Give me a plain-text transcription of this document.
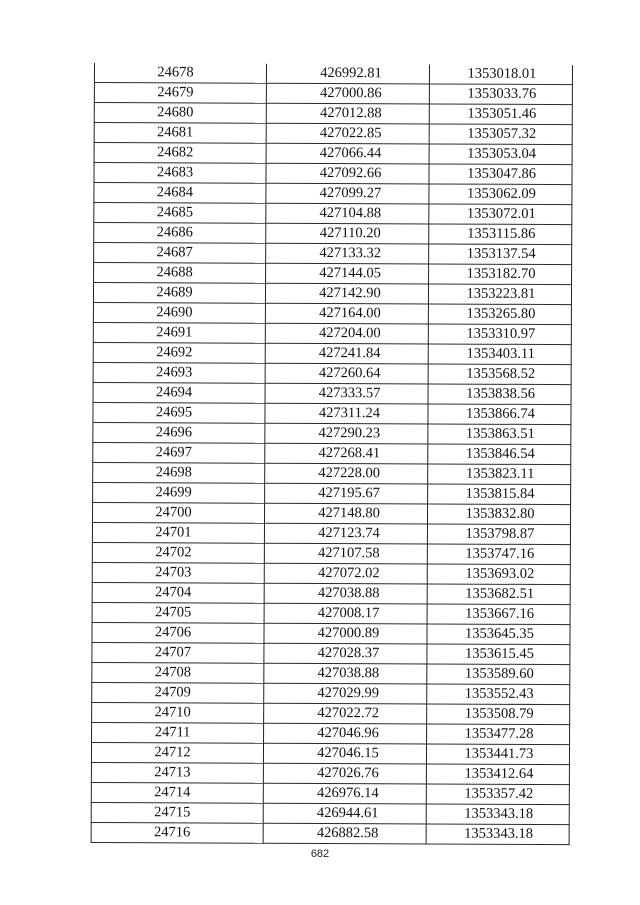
24678	426992.81	1353018.01
24679	427000.86	1353033.76
24680	427012.88	1353051.46
24681	427022.85	1353057.32
24682	427066.44	1353053.04
24683	427092.66	1353047.86
24684	427099.27	1353062.09
24685	427104.88	1353072.01
24686	427110.20	1353115.86
24687	427133.32	1353137.54
24688	427144.05	1353182.70
24689	427142.90	1353223.81
24690	427164.00	1353265.80
24691	427204.00	1353310.97
24692	427241.84	1353403.11
24693	427260.64	1353568.52
24694	427333.57	1353838.56
24695	427311.24	1353866.74
24696	427290.23	1353863.51
24697	427268.41	1353846.54
24698	427228.00	1353823.11
24699	427195.67	1353815.84
24700	427148.80	1353832.80
24701	427123.74	1353798.87
24702	427107.58	1353747.16
24703	427072.02	1353693.02
24704	427038.88	1353682.51
24705	427008.17	1353667.16
24706	427000.89	1353645.35
24707	427028.37	1353615.45
24708	427038.88	1353589.60
24709	427029.99	1353552.43
24710	427022.72	1353508.79
24711	427046.96	1353477.28
24712	427046.15	1353441.73
24713	427026.76	1353412.64
24714	426976.14	1353357.42
24715	426944.61	1353343.18
24716	426882.58	1353343.18
682
